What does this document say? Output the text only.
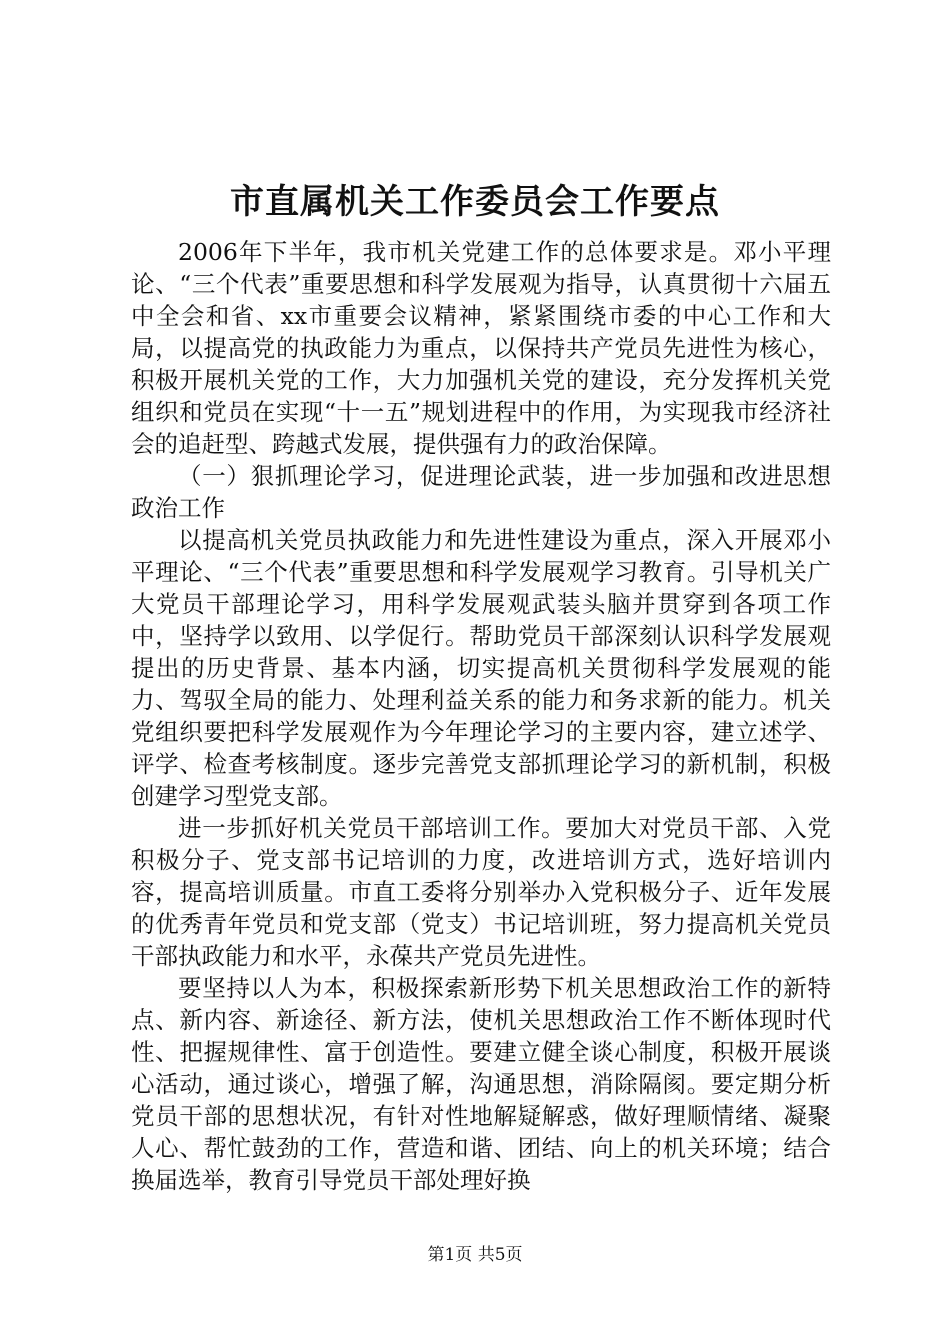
市直属机关工作委员会工作要点

2006年下半年，我市机关党建工作的总体要求是。邓小平理论、“三个代表”重要思想和科学发展观为指导，认真贯彻十六届五中全会和省、xx市重要会议精神，紧紧围绕市委的中心工作和大局，以提高党的执政能力为重点，以保持共产党员先进性为核心，积极开展机关党的工作，大力加强机关党的建设，充分发挥机关党组织和党员在实现“十一五”规划进程中的作用，为实现我市经济社会的追赶型、跨越式发展，提供强有力的政治保障。

（一）狠抓理论学习，促进理论武装，进一步加强和改进思想政治工作

以提高机关党员执政能力和先进性建设为重点，深入开展邓小平理论、“三个代表”重要思想和科学发展观学习教育。引导机关广大党员干部理论学习，用科学发展观武装头脑并贯穿到各项工作中，坚持学以致用、以学促行。帮助党员干部深刻认识科学发展观提出的历史背景、基本内涵，切实提高机关贯彻科学发展观的能力、驾驭全局的能力、处理利益关系的能力和务求新的能力。机关党组织要把科学发展观作为今年理论学习的主要内容，建立述学、评学、检查考核制度。逐步完善党支部抓理论学习的新机制，积极创建学习型党支部。

进一步抓好机关党员干部培训工作。要加大对党员干部、入党积极分子、党支部书记培训的力度，改进培训方式，选好培训内容，提高培训质量。市直工委将分别举办入党积极分子、近年发展的优秀青年党员和党支部（党支）书记培训班，努力提高机关党员干部执政能力和水平，永葆共产党员先进性。

要坚持以人为本，积极探索新形势下机关思想政治工作的新特点、新内容、新途径、新方法，使机关思想政治工作不断体现时代性、把握规律性、富于创造性。要建立健全谈心制度，积极开展谈心活动，通过谈心，增强了解，沟通思想，消除隔阂。要定期分析党员干部的思想状况，有针对性地解疑解惑，做好理顺情绪、凝聚人心、帮忙鼓劲的工作，营造和谐、团结、向上的机关环境；结合换届选举，教育引导党员干部处理好换

第1页 共5页
